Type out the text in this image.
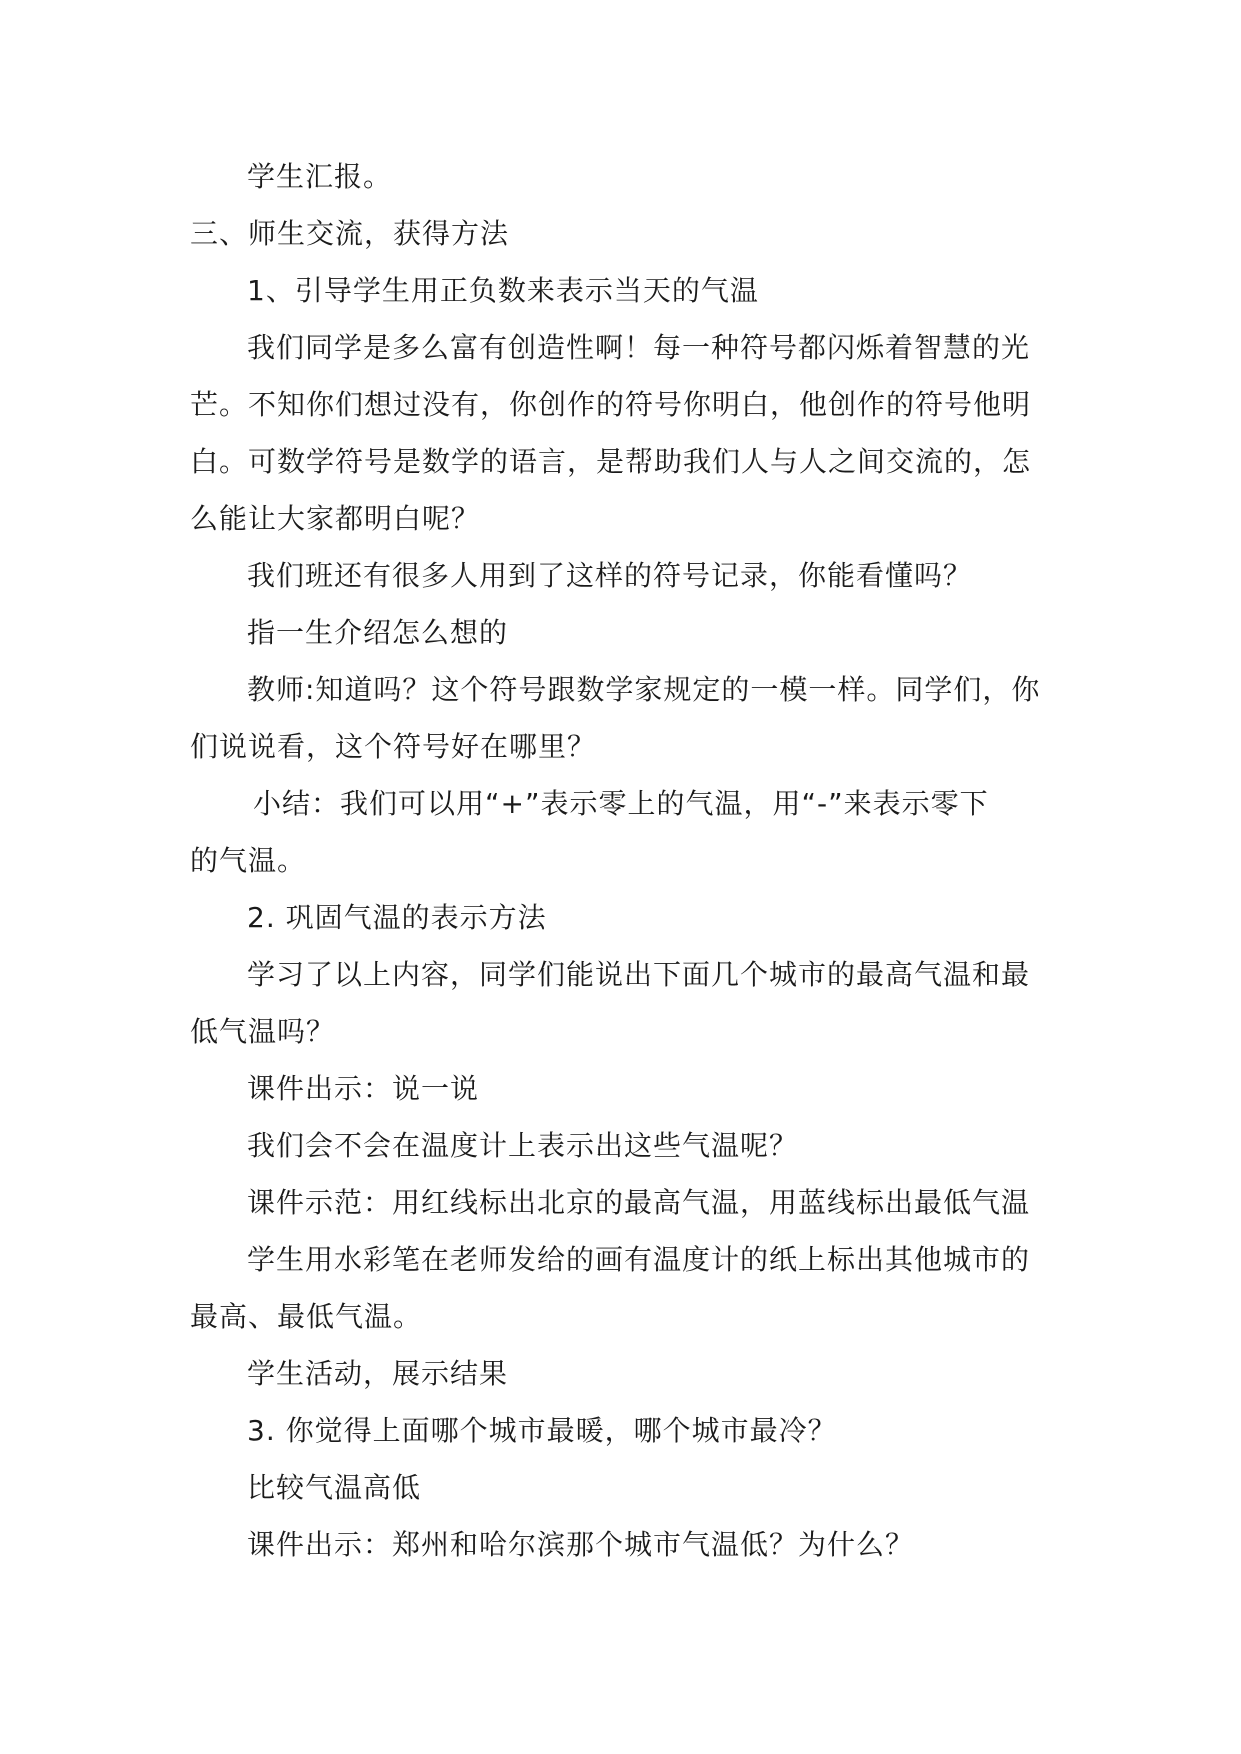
学生汇报。

三、师生交流，获得方法

1、引导学生用正负数来表示当天的气温

我们同学是多么富有创造性啊！每一种符号都闪烁着智慧的光

芒。不知你们想过没有，你创作的符号你明白，他创作的符号他明

白。可数学符号是数学的语言，是帮助我们人与人之间交流的，怎

么能让大家都明白呢？

我们班还有很多人用到了这样的符号记录，你能看懂吗？

指一生介绍怎么想的

教师:知道吗？这个符号跟数学家规定的一模一样。同学们，你

们说说看，这个符号好在哪里？

小结：我们可以用“+”表示零上的气温，用“-”来表示零下

的气温。

2. 巩固气温的表示方法

学习了以上内容，同学们能说出下面几个城市的最高气温和最

低气温吗？

课件出示：说一说

我们会不会在温度计上表示出这些气温呢？

课件示范：用红线标出北京的最高气温，用蓝线标出最低气温

学生用水彩笔在老师发给的画有温度计的纸上标出其他城市的

最高、最低气温。

学生活动，展示结果

3. 你觉得上面哪个城市最暖，哪个城市最冷？

比较气温高低

课件出示：郑州和哈尔滨那个城市气温低？为什么？
